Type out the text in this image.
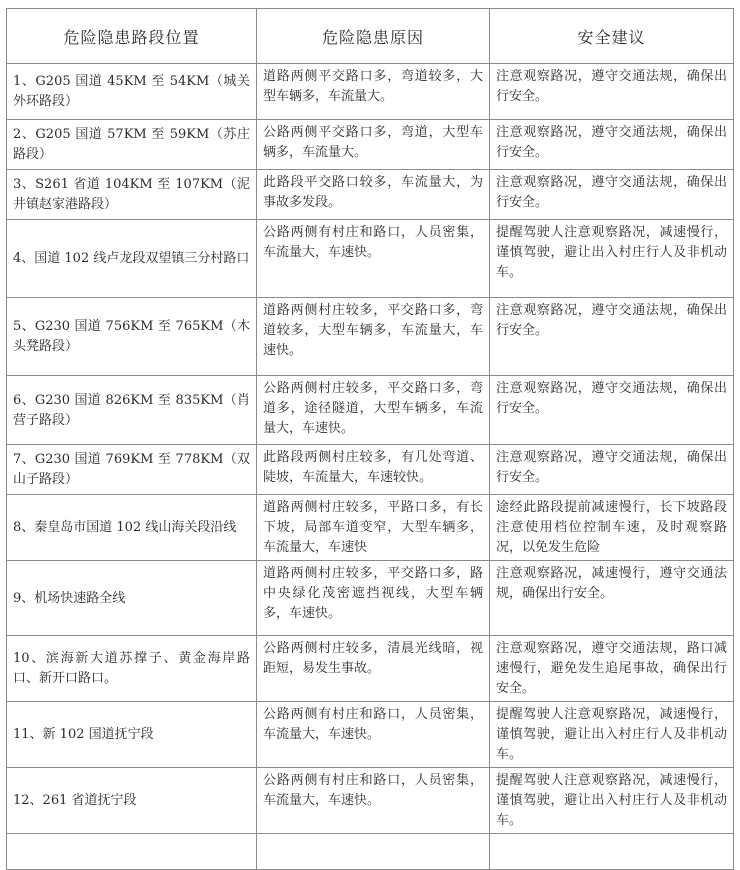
危险隐患路段位置	危险隐患原因	安全建议
1、G205 国道 45KM 至 54KM（城关外环路段）	道路两侧平交路口多，弯道较多，大型车辆多，车流量大。	注意观察路况，遵守交通法规，确保出行安全。
2、G205 国道 57KM 至 59KM（苏庄路段）	公路两侧平交路口多，弯道，大型车辆多，车流量大。	注意观察路况，遵守交通法规，确保出行安全。
3、S261 省道 104KM 至 107KM（泥井镇赵家港路段）	此路段平交路口较多，车流量大，为事故多发段。	注意观察路况，遵守交通法规，确保出行安全。
4、国道 102 线卢龙段双望镇三分村路口	公路两侧有村庄和路口，人员密集，车流量大，车速快。	提醒驾驶人注意观察路况，减速慢行，谨慎驾驶，避让出入村庄行人及非机动车。
5、G230 国道 756KM 至 765KM（木头凳路段）	道路两侧村庄较多，平交路口多，弯道较多，大型车辆多，车流量大，车速快。	注意观察路况，遵守交通法规，确保出行安全。
6、G230 国道 826KM 至 835KM（肖营子路段）	公路两侧村庄较多，平交路口多，弯道多，途径隧道，大型车辆多，车流量大，车速快。	注意观察路况，遵守交通法规，确保出行安全。
7、G230 国道 769KM 至 778KM（双山子路段）	此路段两侧村庄较多，有几处弯道、陡坡，车流量大，车速较快。	注意观察路况，遵守交通法规，确保出行安全。
8、秦皇岛市国道 102 线山海关段沿线	道路两侧村庄较多，平路口多，有长下坡，局部车道变窄，大型车辆多，车流量大，车速快	途经此路段提前减速慢行，长下坡路段注意使用档位控制车速，及时观察路况，以免发生危险
9、机场快速路全线	道路两侧村庄较多，平交路口多，路中央绿化茂密遮挡视线，大型车辆多，车速快。	注意观察路况，减速慢行，遵守交通法规，确保出行安全。
10、滨海新大道苏撑子、黄金海岸路口、新开口路口。	公路两侧村庄较多，清晨光线暗，视距短，易发生事故。	注意观察路况，遵守交通法规，路口减速慢行，避免发生追尾事故，确保出行安全。
11、新 102 国道抚宁段	公路两侧有村庄和路口，人员密集，车流量大，车速快。	提醒驾驶人注意观察路况，减速慢行，谨慎驾驶，避让出入村庄行人及非机动车。
12、261 省道抚宁段	公路两侧有村庄和路口，人员密集，车流量大，车速快。	提醒驾驶人注意观察路况，减速慢行，谨慎驾驶，避让出入村庄行人及非机动车。
